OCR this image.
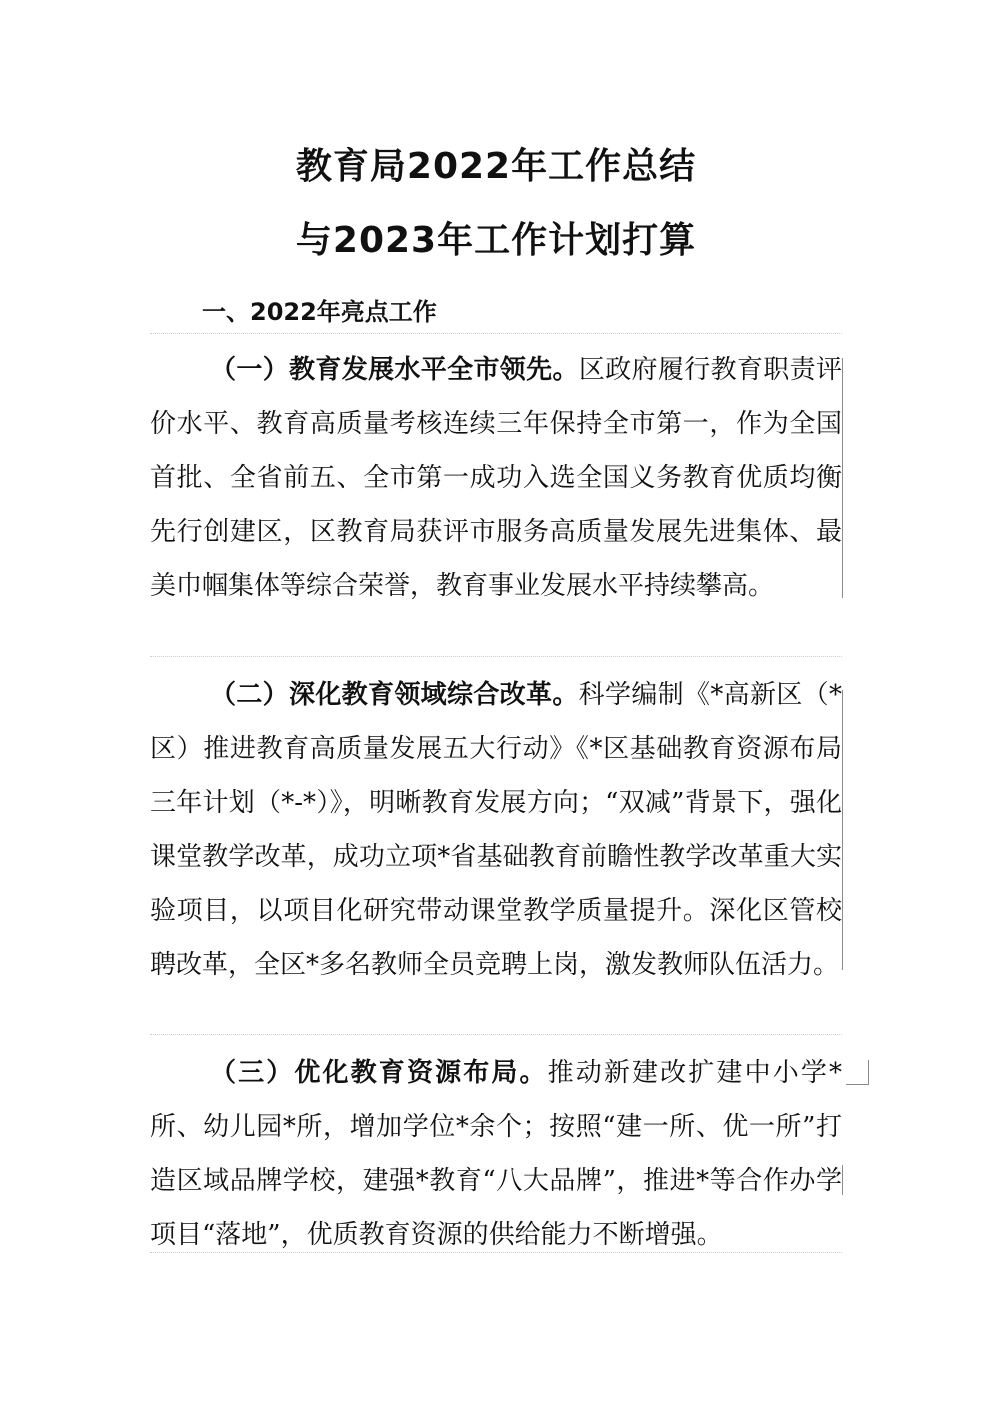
教育局2022年工作总结
与2023年工作计划打算
一、2022年亮点工作

（一）教育发展水平全市领先。区政府履行教育职责评价水平、教育高质量考核连续三年保持全市第一，作为全国首批、全省前五、全市第一成功入选全国义务教育优质均衡先行创建区，区教育局获评市服务高质量发展先进集体、最美巾帼集体等综合荣誉，教育事业发展水平持续攀高。

（二）深化教育领域综合改革。科学编制《*高新区（*区）推进教育高质量发展五大行动》《*区基础教育资源布局三年计划（*-*）》，明晰教育发展方向；“双减”背景下，强化课堂教学改革，成功立项*省基础教育前瞻性教学改革重大实验项目，以项目化研究带动课堂教学质量提升。深化区管校聘改革，全区*多名教师全员竞聘上岗，激发教师队伍活力。

（三）优化教育资源布局。推动新建改扩建中小学*所、幼儿园*所，增加学位*余个；按照“建一所、优一所”打造区域品牌学校，建强*教育“八大品牌”，推进*等合作办学项目“落地”，优质教育资源的供给能力不断增强。
